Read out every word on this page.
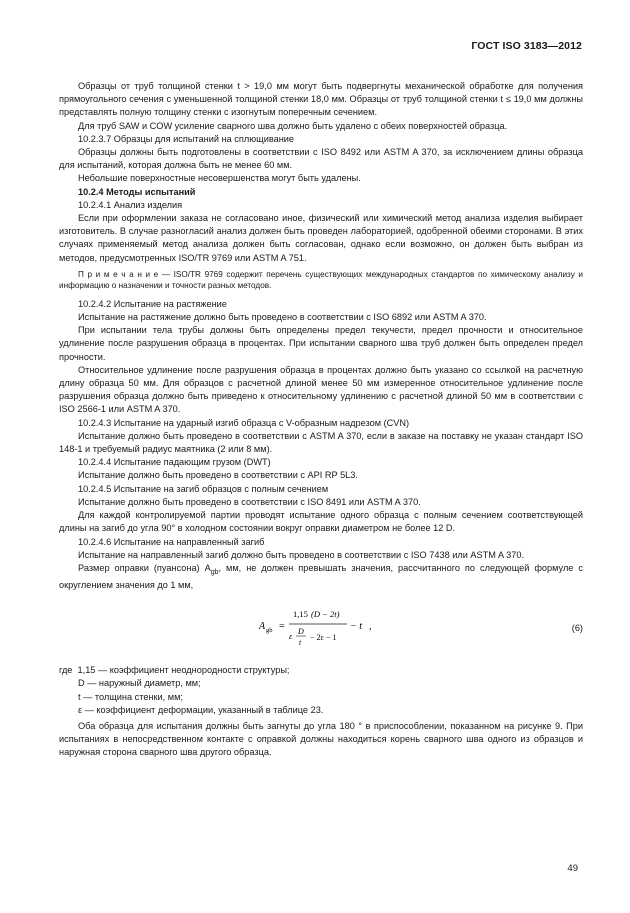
ГОСТ ISO 3183—2012

Образцы от труб толщиной стенки t > 19,0 мм могут быть подвергнуты механической обработке для получения прямоугольного сечения с уменьшенной толщиной стенки 18,0 мм. Образцы от труб толщиной стенки t ≤ 19,0 мм должны представлять полную толщину стенки с изогнутым поперечным сечением.

Для труб SAW и COW усиление сварного шва должно быть удалено с обеих поверхностей образца.

10.2.3.7 Образцы для испытаний на сплющивание

Образцы должны быть подготовлены в соответствии с ISO 8492 или ASTM A 370, за исключением длины образца для испытаний, которая должна быть не менее 60 мм.

Небольшие поверхностные несовершенства могут быть удалены.

10.2.4 Методы испытаний

10.2.4.1 Анализ изделия

Если при оформлении заказа не согласовано иное, физический или химический метод анализа изделия выбирает изготовитель. В случае разногласий анализ должен быть проведен лабораторией, одобренной обеими сторонами. В этих случаях применяемый метод анализа должен быть согласован, однако если возможно, он должен быть выбран из методов, предусмотренных ISO/TR 9769 или ASTM A 751.

П р и м е ч а н и е — ISO/TR 9769 содержит перечень существующих международных стандартов по химическому анализу и информацию о назначении и точности разных методов.

10.2.4.2 Испытание на растяжение

Испытание на растяжение должно быть проведено в соответствии с ISO 6892 или ASTM A 370.

При испытании тела трубы должны быть определены предел текучести, предел прочности и относительное удлинение после разрушения образца в процентах. При испытании сварного шва труб должен быть определен предел прочности.

Относительное удлинение после разрушения образца в процентах должно быть указано со ссылкой на расчетную длину образца 50 мм. Для образцов с расчетной длиной менее 50 мм измеренное относительное удлинение после разрушения образца должно быть приведено к относительному удлинению с расчетной длиной 50 мм в соответствии с ISO 2566-1 или ASTM A 370.

10.2.4.3 Испытание на ударный изгиб образца с V-образным надрезом (CVN)

Испытание должно быть проведено в соответствии с ASTM A 370, если в заказе на поставку не указан стандарт ISO 148-1 и требуемый радиус маятника (2 или 8 мм).

10.2.4.4 Испытание падающим грузом (DWT)

Испытание должно быть проведено в соответствии с API RP 5L3.

10.2.4.5 Испытание на загиб образцов с полным сечением

Испытание должно быть проведено в соответствии с ISO 8491 или ASTM A 370.

Для каждой контролируемой партии проводят испытание одного образца с полным сечением соответствующей длины на загиб до угла 90° в холодном состоянии вокруг оправки диаметром не более 12 D.

10.2.4.6 Испытание на направленный загиб

Испытание на направленный загиб должно быть проведено в соответствии с ISO 7438 или ASTM A 370.

Размер оправки (пуансона) $A_{gb}$, мм, не должен превышать значения, рассчитанного по следующей формуле с округлением значения до 1 мм,

A gb =
1,15 (D − 2t)
ε
D
t
− 2ε − 1
− t ,	(6)
где 1,15 — коэффициент неоднородности структуры;
D — наружный диаметр, мм;
t — толщина стенки, мм;
ε — коэффициент деформации, указанный в таблице 23.

Оба образца для испытания должны быть загнуты до угла 180 ° в приспособлении, показанном на рисунке 9. При испытаниях в непосредственном контакте с оправкой должны находиться корень сварного шва одного из образцов и наружная сторона сварного шва другого образца.

49
